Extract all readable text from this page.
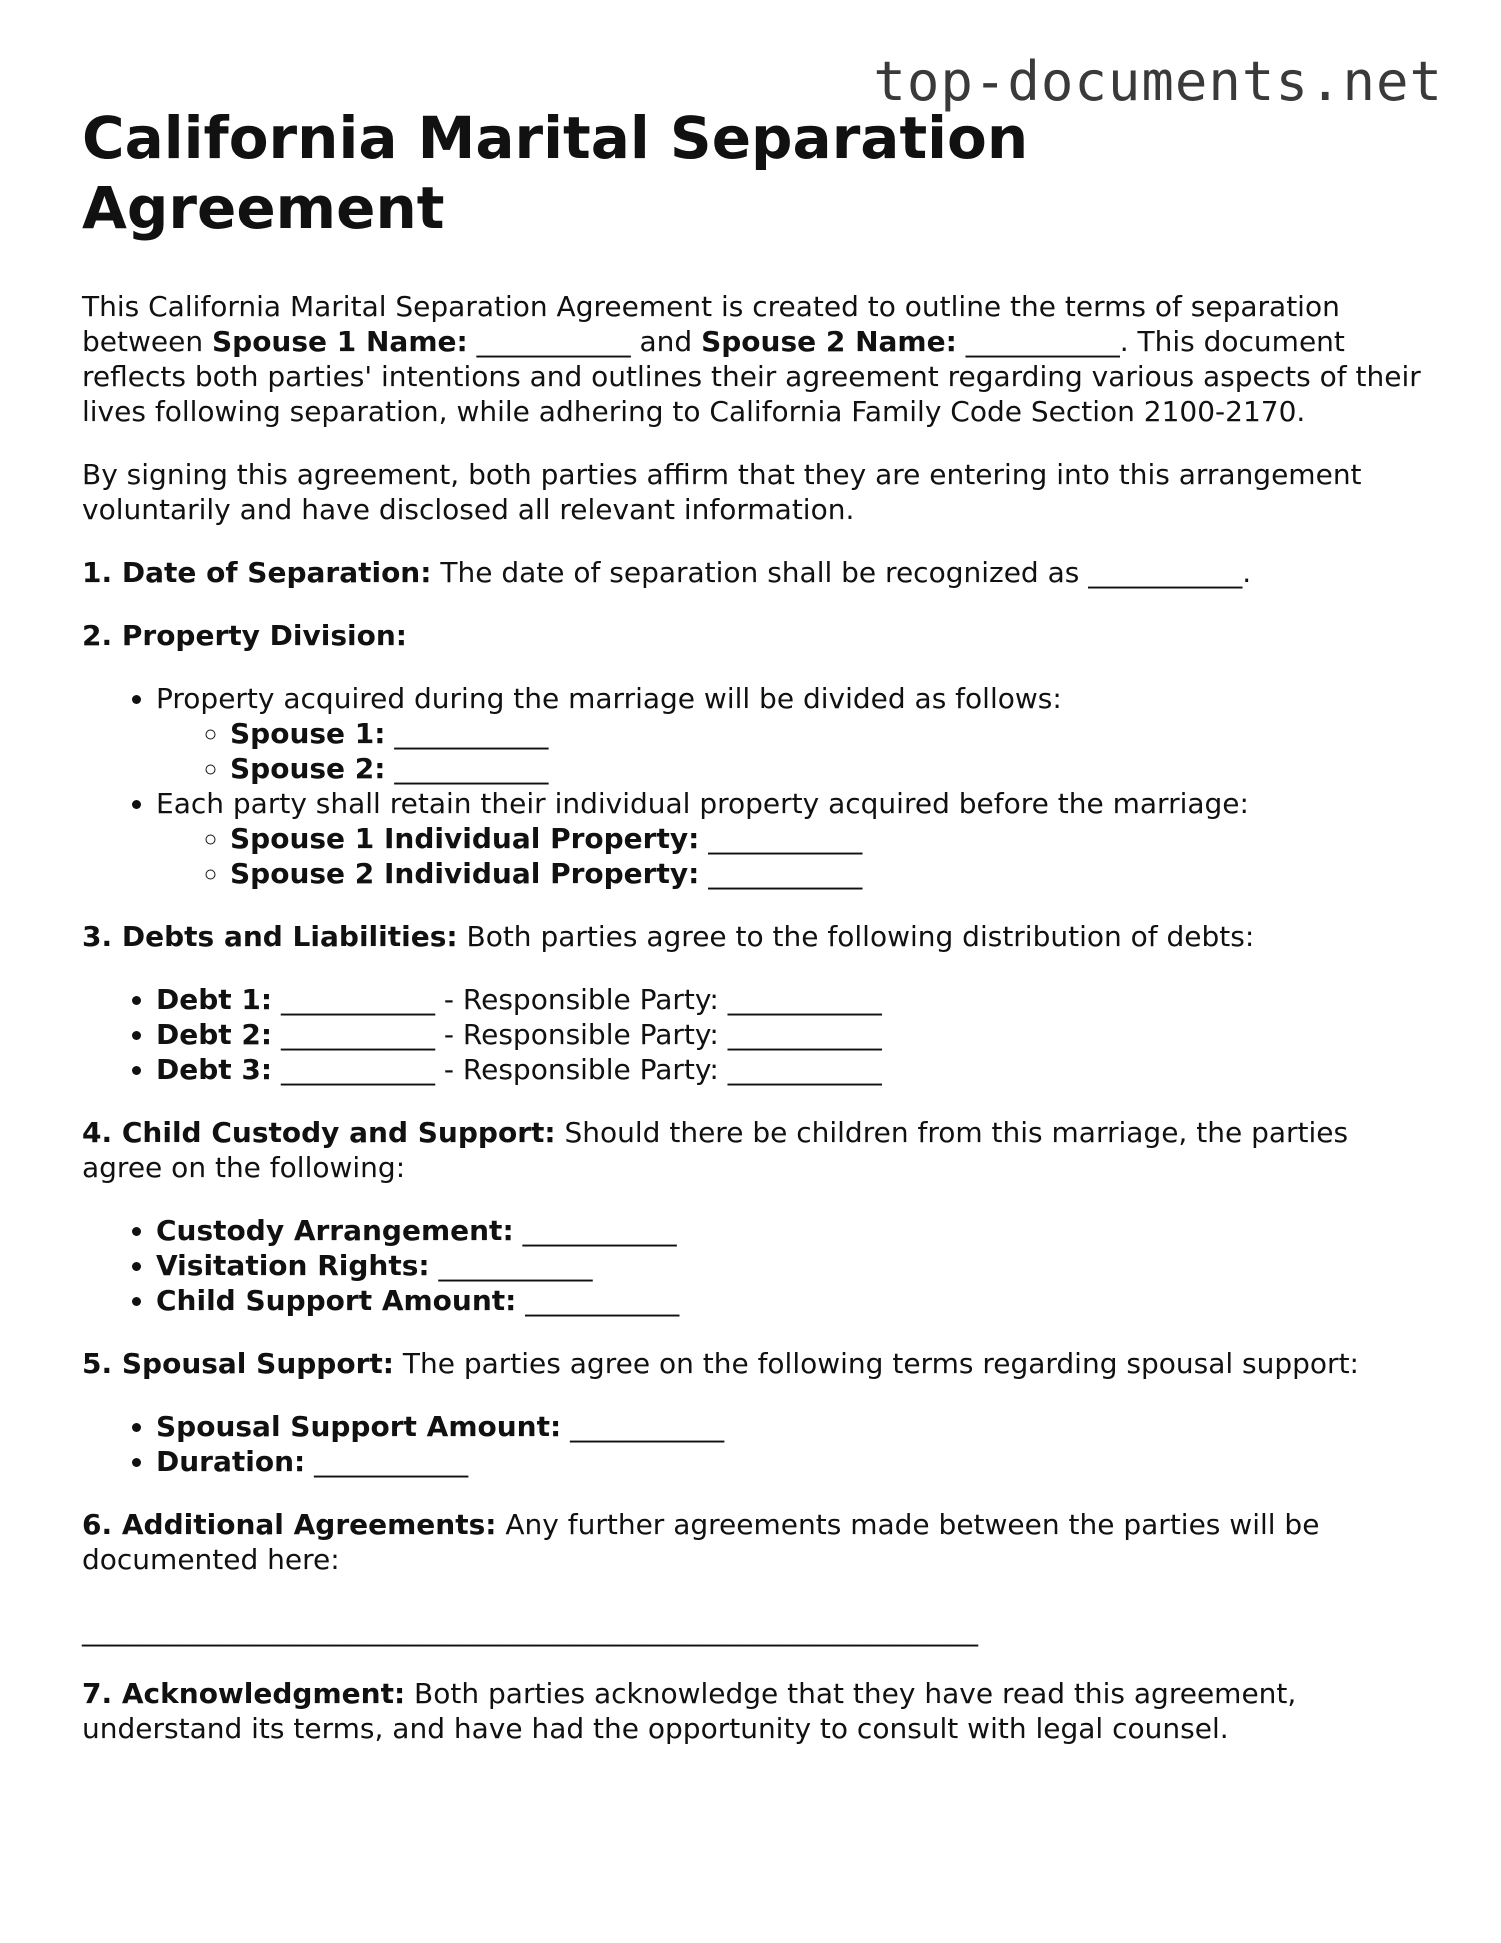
top-documents.net
California Marital Separation Agreement

This California Marital Separation Agreement is created to outline the terms of separation between Spouse 1 Name: ___________ and Spouse 2 Name: ___________. This document reflects both parties' intentions and outlines their agreement regarding various aspects of their lives following separation, while adhering to California Family Code Section 2100-2170.

By signing this agreement, both parties affirm that they are entering into this arrangement voluntarily and have disclosed all relevant information.

1. Date of Separation: The date of separation shall be recognized as ___________.

2. Property Division:

• Property acquired during the marriage will be divided as follows:
◦ Spouse 1: ___________
◦ Spouse 2: ___________
• Each party shall retain their individual property acquired before the marriage:
◦ Spouse 1 Individual Property: ___________
◦ Spouse 2 Individual Property: ___________

3. Debts and Liabilities: Both parties agree to the following distribution of debts:

• Debt 1: ___________ - Responsible Party: ___________
• Debt 2: ___________ - Responsible Party: ___________
• Debt 3: ___________ - Responsible Party: ___________

4. Child Custody and Support: Should there be children from this marriage, the parties agree on the following:

• Custody Arrangement: ___________
• Visitation Rights: ___________
• Child Support Amount: ___________

5. Spousal Support: The parties agree on the following terms regarding spousal support:

• Spousal Support Amount: ___________
• Duration: ___________

6. Additional Agreements: Any further agreements made between the parties will be documented here:

________________________________________________________________

7. Acknowledgment: Both parties acknowledge that they have read this agreement, understand its terms, and have had the opportunity to consult with legal counsel.
